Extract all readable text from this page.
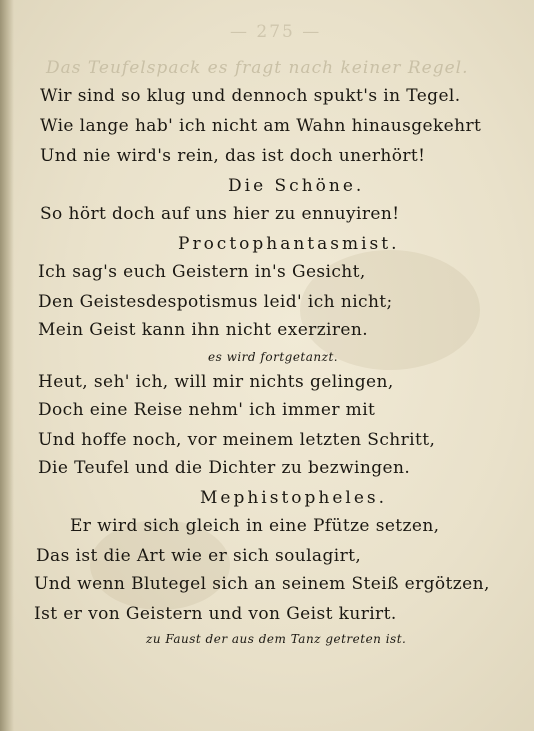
— 275 —
Das Teufelspack es fragt nach keiner Regel.
Wir sind so klug und dennoch spukt's in Tegel.
Wie lange hab' ich nicht am Wahn hinausgekehrt
Und nie wird's rein, das ist doch unerhört!
Die Schöne.
So hört doch auf uns hier zu ennuyiren!
Proctophantasmist.
Ich sag's euch Geistern in's Gesicht,
Den Geistesdespotismus leid' ich nicht;
Mein Geist kann ihn nicht exerziren.
es wird fortgetanzt.
Heut, seh' ich, will mir nichts gelingen,
Doch eine Reise nehm' ich immer mit
Und hoffe noch, vor meinem letzten Schritt,
Die Teufel und die Dichter zu bezwingen.
Mephistopheles.
Er wird sich gleich in eine Pfütze setzen,
Das ist die Art wie er sich soulagirt,
Und wenn Blutegel sich an seinem Steiß ergötzen,
Ist er von Geistern und von Geist kurirt.
zu Faust der aus dem Tanz getreten ist.
